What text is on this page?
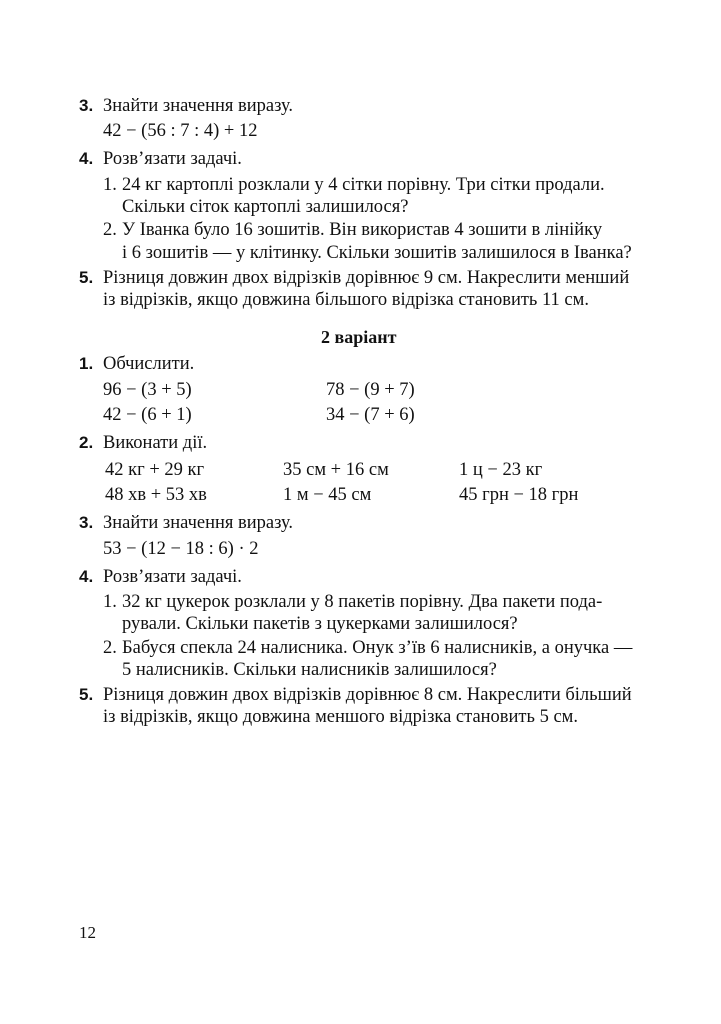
3. Знайти значення виразу.
42 − (56 : 7 : 4) + 12
4. Розв’язати задачі.
1. 24 кг картоплі розклали у 4 сітки порівну. Три сітки продали.
Скільки сіток картоплі залишилося?
2. У Іванка було 16 зошитів. Він використав 4 зошити в лінійку
і 6 зошитів — у клітинку. Скільки зошитів залишилося в Іванка?
5. Різниця довжин двох відрізків дорівнює 9 см. Накреслити менший
із відрізків, якщо довжина більшого відрізка становить 11 см.
2 варіант
1. Обчислити.
96 − (3 + 5)	78 − (9 + 7)
42 − (6 + 1)	34 − (7 + 6)
2. Виконати дії.
42 кг + 29 кг	35 см + 16 см	1 ц − 23 кг
48 хв + 53 хв	1 м − 45 см	45 грн − 18 грн
3. Знайти значення виразу.
53 − (12 − 18 : 6) · 2
4. Розв’язати задачі.
1. 32 кг цукерок розклали у 8 пакетів порівну. Два пакети пода-
рували. Скільки пакетів з цукерками залишилося?
2. Бабуся спекла 24 налисника. Онук з’їв 6 налисників, а онучка —
5 налисників. Скільки налисників залишилося?
5. Різниця довжин двох відрізків дорівнює 8 см. Накреслити більший
із відрізків, якщо довжина меншого відрізка становить 5 см.
12
